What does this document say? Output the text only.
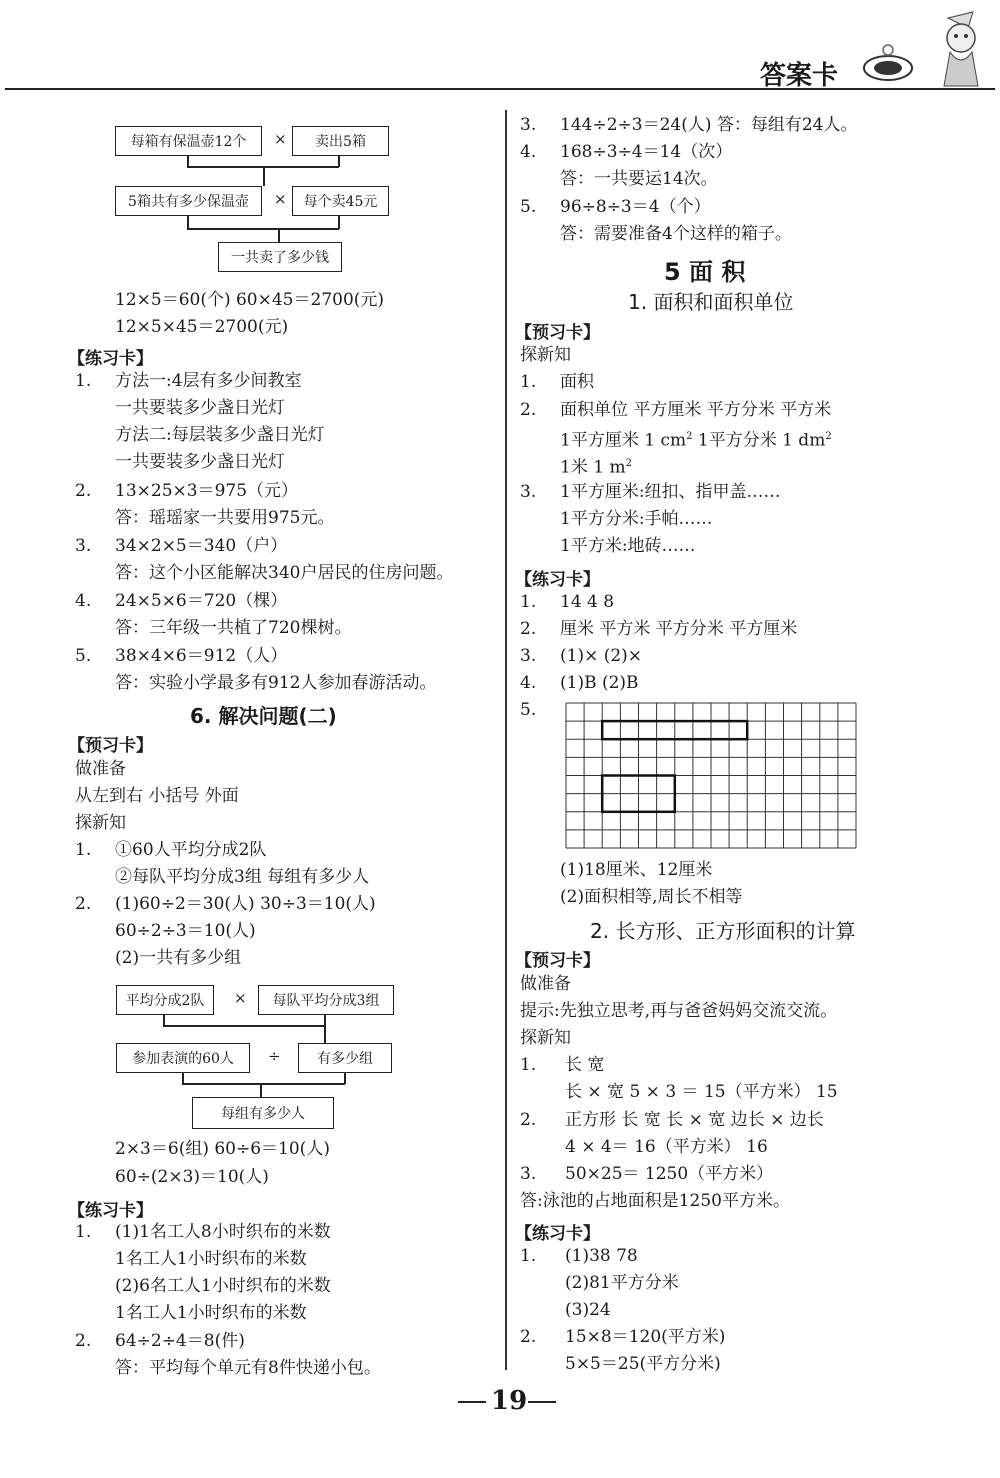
答案卡
每箱有保温壶12个	×	卖出5箱
5箱共有多少保温壶	×	每个卖45元
一共卖了多少钱
12×5＝60(个) 60×45＝2700(元)
12×5×45＝2700(元)
【练习卡】
1. 方法一:4层有多少间教室
一共要装多少盏日光灯
方法二:每层装多少盏日光灯
一共要装多少盏日光灯
2. 13×25×3＝975（元）
答：瑶瑶家一共要用975元。
3. 34×2×5＝340（户）
答：这个小区能解决340户居民的住房问题。
4. 24×5×6＝720（棵）
答：三年级一共植了720棵树。
5. 38×4×6＝912（人）
答：实验小学最多有912人参加春游活动。
6. 解决问题(二)
【预习卡】
做准备
从左到右 小括号 外面
探新知
1. ①60人平均分成2队
②每队平均分成3组 每组有多少人
2. (1)60÷2＝30(人) 30÷3＝10(人)
60÷2÷3＝10(人)
(2)一共有多少组
平均分成2队	×	每队平均分成3组
参加表演的60人	÷	有多少组
每组有多少人
2×3＝6(组) 60÷6＝10(人)
60÷(2×3)＝10(人)
【练习卡】
1. (1)1名工人8小时织布的米数
1名工人1小时织布的米数
(2)6名工人1小时织布的米数
1名工人1小时织布的米数
2. 64÷2÷4＝8(件)
答：平均每个单元有8件快递小包。
3. 144÷2÷3＝24(人) 答：每组有24人。
4. 168÷3÷4＝14（次）
答：一共要运14次。
5. 96÷8÷3＝4（个）
答：需要准备4个这样的箱子。
5 面 积
1. 面积和面积单位
【预习卡】
探新知
1. 面积
2. 面积单位 平方厘米 平方分米 平方米
1平方厘米 1 $cm^2$ 1平方分米 1 $dm^2$
1米 1 $m^2$
3. 1平方厘米:纽扣、指甲盖……
1平方分米:手帕……
1平方米:地砖……
【练习卡】
1. 14 4 8
2. 厘米 平方米 平方分米 平方厘米
3. (1)× (2)×
4. (1)B (2)B
5.
(1)18厘米、12厘米
(2)面积相等,周长不相等
2. 长方形、正方形面积的计算
【预习卡】
做准备
提示:先独立思考,再与爸爸妈妈交流交流。
探新知
1. 长 宽
长 × 宽 5 × 3 ＝ 15（平方米） 15
2. 正方形 长 宽 长 × 宽 边长 × 边长
4 × 4＝ 16（平方米） 16
3. 50×25＝ 1250（平方米）
答:泳池的占地面积是1250平方米。
【练习卡】
1. (1)38 78
(2)81平方分米
(3)24
2. 15×8＝120(平方米)
5×5＝25(平方分米)
19
